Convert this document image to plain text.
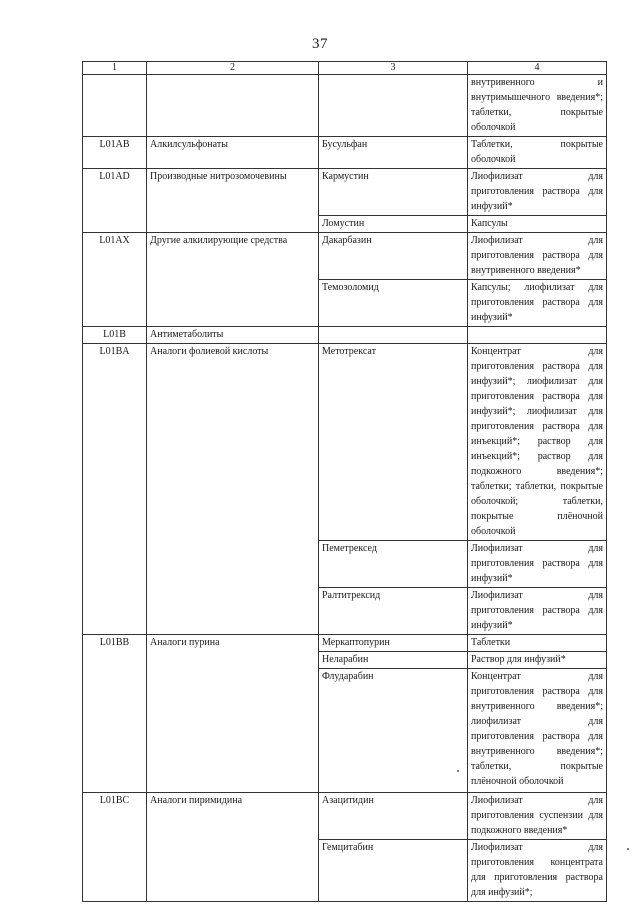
37
1	2	3	4
			внутривенного и внутримышечного введения*; таблетки, покрытые оболочкой
L01AB	Алкилсульфонаты	Бусульфан	Таблетки, покрытые оболочкой
L01AD	Производные нитрозомочевины	Кармустин	Лиофилизат для приготовления раствора для инфузий*
		Ломустин	Капсулы
L01AX	Другие алкилирующие средства	Дакарбазин	Лиофилизат для приготовления раствора для внутривенного введения*
		Темозоломид	Капсулы; лиофилизат для приготовления раствора для инфузий*
L01B	Антиметаболиты		
L01BA	Аналоги фолиевой кислоты	Метотрексат	Концентрат для приготовления раствора для инфузий*; лиофилизат для приготовления раствора для инфузий*; лиофилизат для приготовления раствора для инъекций*; раствор для инъекций*; раствор для подкожного введения*; таблетки; таблетки, покрытые оболочкой; таблетки, покрытые плёночной оболочкой
		Пеметрексед	Лиофилизат для приготовления раствора для инфузий*
		Ралтитрексид	Лиофилизат для приготовления раствора для инфузий*
L01BB	Аналоги пурина	Меркаптопурин	Таблетки
		Неларабин	Раствор для инфузий*
		Флударабин	Концентрат для приготовления раствора для внутривенного введения*; лиофилизат для приготовления раствора для внутривенного введения*; таблетки, покрытые плёночной оболочкой
L01BC	Аналоги пиримидина	Азацитидин	Лиофилизат для приготовления суспензии для подкожного введения*
		Гемцитабин	Лиофилизат для приготовления концентрата для приготовления раствора для инфузий*;
